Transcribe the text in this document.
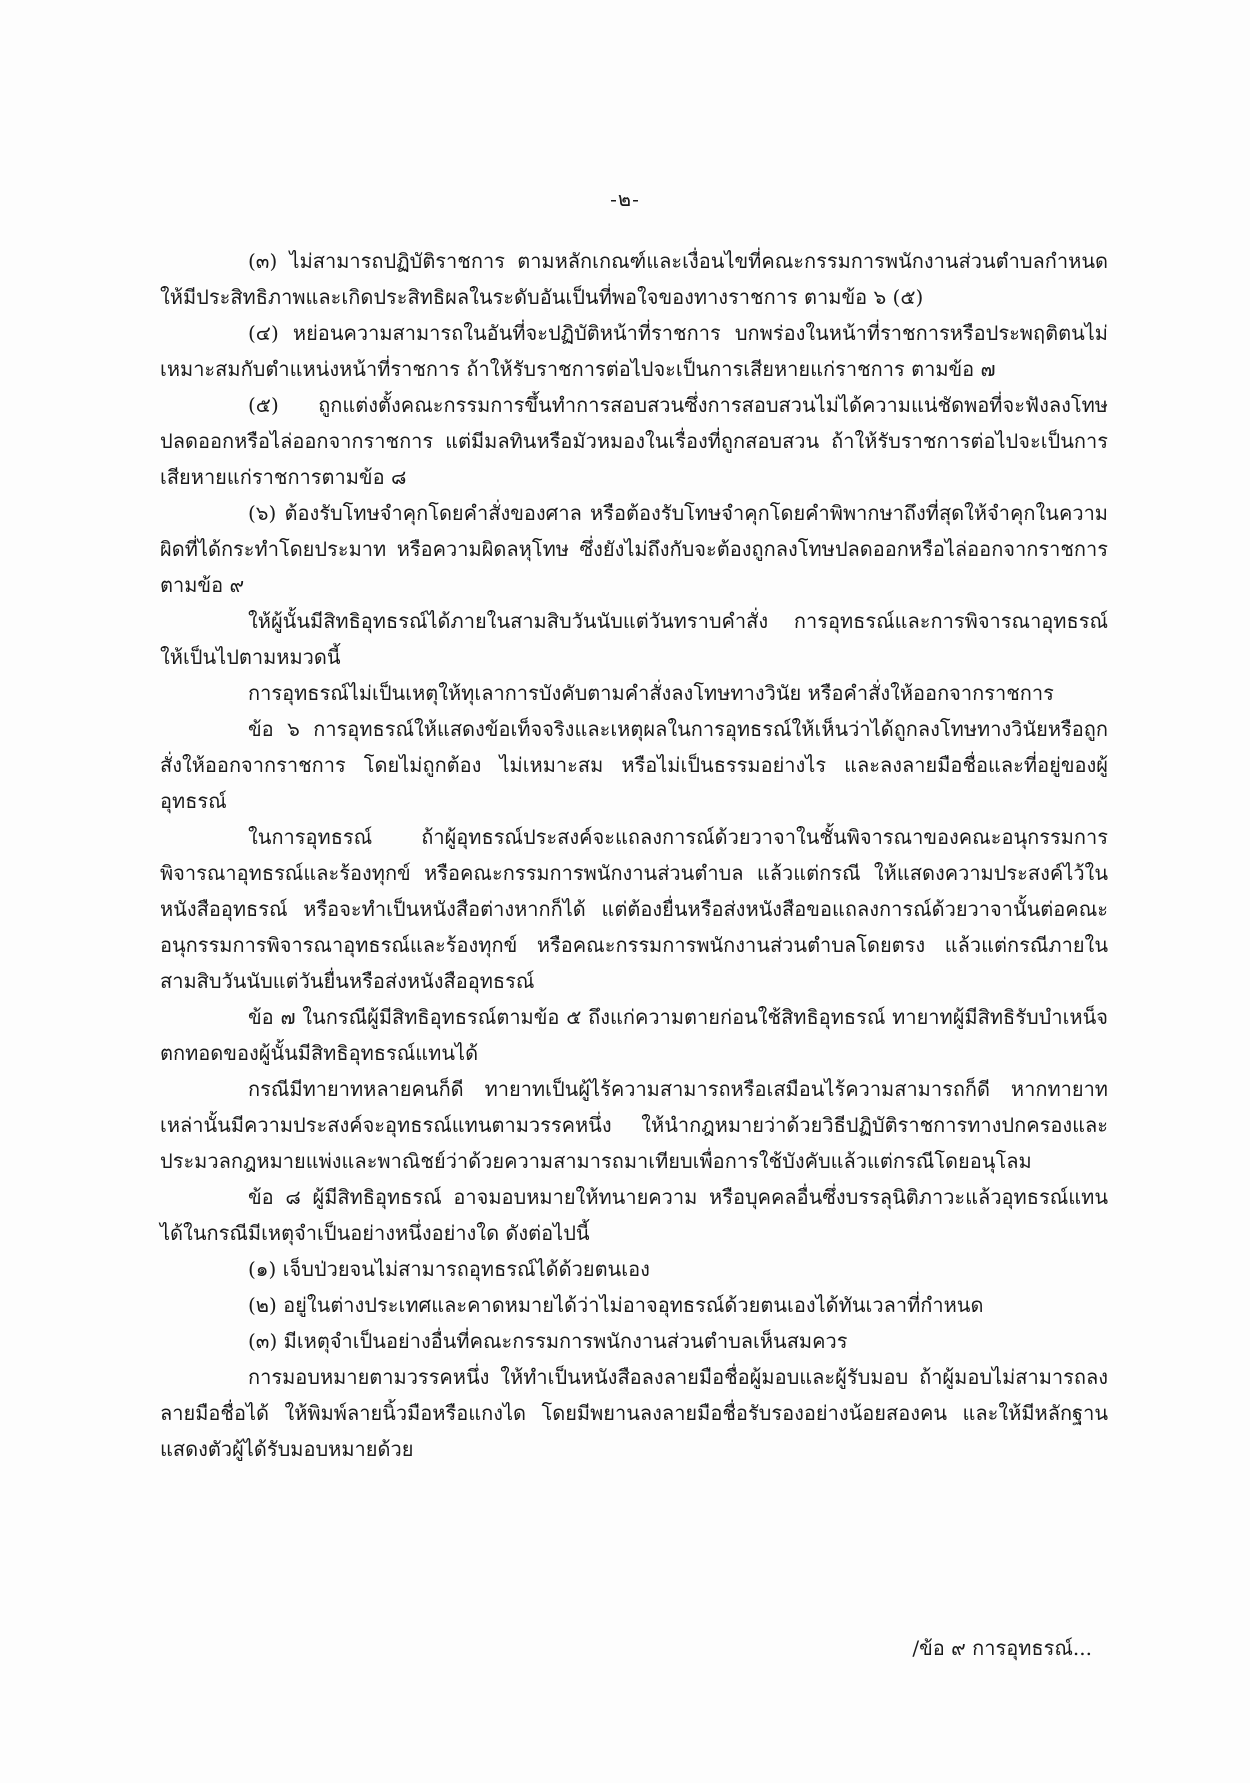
-๒-

(๓) ไม่สามารถปฏิบัติราชการ ตามหลักเกณฑ์และเงื่อนไขที่คณะกรรมการพนักงานส่วนตำบลกำหนด ให้มีประสิทธิภาพและเกิดประสิทธิผลในระดับอันเป็นที่พอใจของทางราชการ ตามข้อ ๖ (๕)

(๔) หย่อนความสามารถในอันที่จะปฏิบัติหน้าที่ราชการ บกพร่องในหน้าที่ราชการหรือประพฤติตนไม่เหมาะสมกับตำแหน่งหน้าที่ราชการ ถ้าให้รับราชการต่อไปจะเป็นการเสียหายแก่ราชการ ตามข้อ ๗

(๕) ถูกแต่งตั้งคณะกรรมการขึ้นทำการสอบสวนซึ่งการสอบสวนไม่ได้ความแน่ชัดพอที่จะฟังลงโทษปลดออกหรือไล่ออกจากราชการ แต่มีมลทินหรือมัวหมองในเรื่องที่ถูกสอบสวน ถ้าให้รับราชการต่อไปจะเป็นการเสียหายแก่ราชการตามข้อ ๘

(๖) ต้องรับโทษจำคุกโดยคำสั่งของศาล หรือต้องรับโทษจำคุกโดยคำพิพากษาถึงที่สุดให้จำคุกในความผิดที่ได้กระทำโดยประมาท หรือความผิดลหุโทษ ซึ่งยังไม่ถึงกับจะต้องถูกลงโทษปลดออกหรือไล่ออกจากราชการ ตามข้อ ๙

ให้ผู้นั้นมีสิทธิอุทธรณ์ได้ภายในสามสิบวันนับแต่วันทราบคำสั่ง การอุทธรณ์และการพิจารณาอุทธรณ์ให้เป็นไปตามหมวดนี้

การอุทธรณ์ไม่เป็นเหตุให้ทุเลาการบังคับตามคำสั่งลงโทษทางวินัย หรือคำสั่งให้ออกจากราชการ

ข้อ ๖ การอุทธรณ์ให้แสดงข้อเท็จจริงและเหตุผลในการอุทธรณ์ให้เห็นว่าได้ถูกลงโทษทางวินัยหรือถูกสั่งให้ออกจากราชการ โดยไม่ถูกต้อง ไม่เหมาะสม หรือไม่เป็นธรรมอย่างไร และลงลายมือชื่อและที่อยู่ของผู้อุทธรณ์

ในการอุทธรณ์ ถ้าผู้อุทธรณ์ประสงค์จะแถลงการณ์ด้วยวาจาในชั้นพิจารณาของคณะอนุกรรมการพิจารณาอุทธรณ์และร้องทุกข์ หรือคณะกรรมการพนักงานส่วนตำบล แล้วแต่กรณี ให้แสดงความประสงค์ไว้ในหนังสืออุทธรณ์ หรือจะทำเป็นหนังสือต่างหากก็ได้ แต่ต้องยื่นหรือส่งหนังสือขอแถลงการณ์ด้วยวาจานั้นต่อคณะอนุกรรมการพิจารณาอุทธรณ์และร้องทุกข์ หรือคณะกรรมการพนักงานส่วนตำบลโดยตรง แล้วแต่กรณีภายในสามสิบวันนับแต่วันยื่นหรือส่งหนังสืออุทธรณ์

ข้อ ๗ ในกรณีผู้มีสิทธิอุทธรณ์ตามข้อ ๕ ถึงแก่ความตายก่อนใช้สิทธิอุทธรณ์ ทายาทผู้มีสิทธิรับบำเหน็จตกทอดของผู้นั้นมีสิทธิอุทธรณ์แทนได้

กรณีมีทายาทหลายคนก็ดี ทายาทเป็นผู้ไร้ความสามารถหรือเสมือนไร้ความสามารถก็ดี หากทายาทเหล่านั้นมีความประสงค์จะอุทธรณ์แทนตามวรรคหนึ่ง ให้นำกฎหมายว่าด้วยวิธีปฏิบัติราชการทางปกครองและประมวลกฎหมายแพ่งและพาณิชย์ว่าด้วยความสามารถมาเทียบเพื่อการใช้บังคับแล้วแต่กรณีโดยอนุโลม

ข้อ ๘ ผู้มีสิทธิอุทธรณ์ อาจมอบหมายให้ทนายความ หรือบุคคลอื่นซึ่งบรรลุนิติภาวะแล้วอุทธรณ์แทนได้ในกรณีมีเหตุจำเป็นอย่างหนึ่งอย่างใด ดังต่อไปนี้

(๑) เจ็บป่วยจนไม่สามารถอุทธรณ์ได้ด้วยตนเอง

(๒) อยู่ในต่างประเทศและคาดหมายได้ว่าไม่อาจอุทธรณ์ด้วยตนเองได้ทันเวลาที่กำหนด

(๓) มีเหตุจำเป็นอย่างอื่นที่คณะกรรมการพนักงานส่วนตำบลเห็นสมควร

การมอบหมายตามวรรคหนึ่ง ให้ทำเป็นหนังสือลงลายมือชื่อผู้มอบและผู้รับมอบ ถ้าผู้มอบไม่สามารถลงลายมือชื่อได้ ให้พิมพ์ลายนิ้วมือหรือแกงได โดยมีพยานลงลายมือชื่อรับรองอย่างน้อยสองคน และให้มีหลักฐานแสดงตัวผู้ได้รับมอบหมายด้วย

/ข้อ ๙ การอุทธรณ์...
